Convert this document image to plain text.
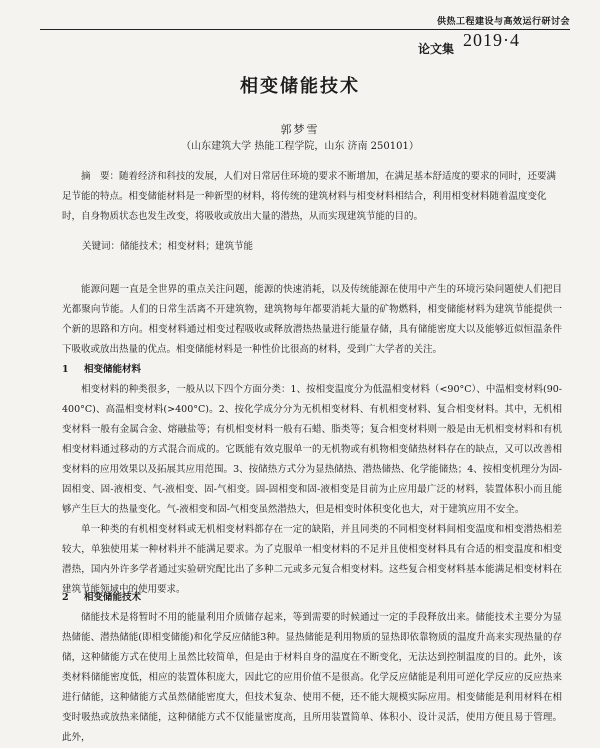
供热工程建设与高效运行研讨会
论文集 2019·4
相变储能技术
郭梦雪
（山东建筑大学 热能工程学院，山东 济南 250101）

摘　要：随着经济和科技的发展，人们对日常居住环境的要求不断增加，在满足基本舒适度的要求的同时，还要满足节能的特点。相变储能材料是一种新型的材料，将传统的建筑材料与相变材料相结合，利用相变材料随着温度变化时，自身物质状态也发生改变，将吸收或放出大量的潜热，从而实现建筑节能的目的。

关键词：储能技术；相变材料；建筑节能

能源问题一直是全世界的重点关注问题，能源的快速消耗，以及传统能源在使用中产生的环境污染问题使人们把目光都聚向节能。人们的日常生活离不开建筑物，建筑物每年都要消耗大量的矿物燃料，相变储能材料为建筑节能提供一个新的思路和方向。相变材料通过相变过程吸收或释放潜热热量进行能量存储，具有储能密度大以及能够近似恒温条件下吸收或放出热量的优点。相变储能材料是一种性价比很高的材料，受到广大学者的关注。

1 相变储能材料

相变材料的种类很多，一般从以下四个方面分类：1、按相变温度分为低温相变材料（<90°C）、中温相变材料(90-400°C)、高温相变材料(>400°C)。2、按化学成分分为无机相变材料、有机相变材料、复合相变材料。其中，无机相变材料一般有金属合金、熔融盐等；有机相变材料一般有石蜡、脂类等；复合相变材料则一般是由无机相变材料和有机相变材料通过移动的方式混合而成的。它既能有效克服单一的无机物或有机物相变储热材料存在的缺点，又可以改善相变材料的应用效果以及拓展其应用范围。3、按储热方式分为显热储热、潜热储热、化学能储热；4、按相变机理分为固-固相变、固-液相变、气-液相变、固-气相变。固-固相变和固-液相变是目前为止应用最广泛的材料，装置体积小而且能够产生巨大的热量变化。气-液相变和固-气相变虽然潜热大，但是相变时体积变化也大，对于建筑应用不安全。

单一种类的有机相变材料或无机相变材料都存在一定的缺陷，并且同类的不同相变材料间相变温度和相变潜热相差较大，单独使用某一种材料并不能满足要求。为了克服单一相变材料的不足并且使相变材料具有合适的相变温度和相变潜热，国内外许多学者通过实验研究配比出了多种二元或多元复合相变材料。这些复合相变材料基本能满足相变材料在建筑节能领域中的使用要求。

2 相变储能技术

储能技术是将暂时不用的能量利用介质储存起来，等到需要的时候通过一定的手段释放出来。储能技术主要分为显热储能、潜热储能(即相变储能)和化学反应储能3种。显热储能是利用物质的显热即依靠物质的温度升高来实现热量的存储，这种储能方式在使用上虽然比较简单，但是由于材料自身的温度在不断变化，无法达到控制温度的目的。此外，该类材料储能密度低，相应的装置体积庞大，因此它的应用价值不是很高。化学反应储能是利用可逆化学反应的反应热来进行储能，这种储能方式虽然储能密度大，但技术复杂、使用不便，还不能大规模实际应用。相变储能是利用材料在相变时吸热或放热来储能，这种储能方式不仅能量密度高，且所用装置简单、体积小、设计灵活，使用方便且易于管理。此外，
